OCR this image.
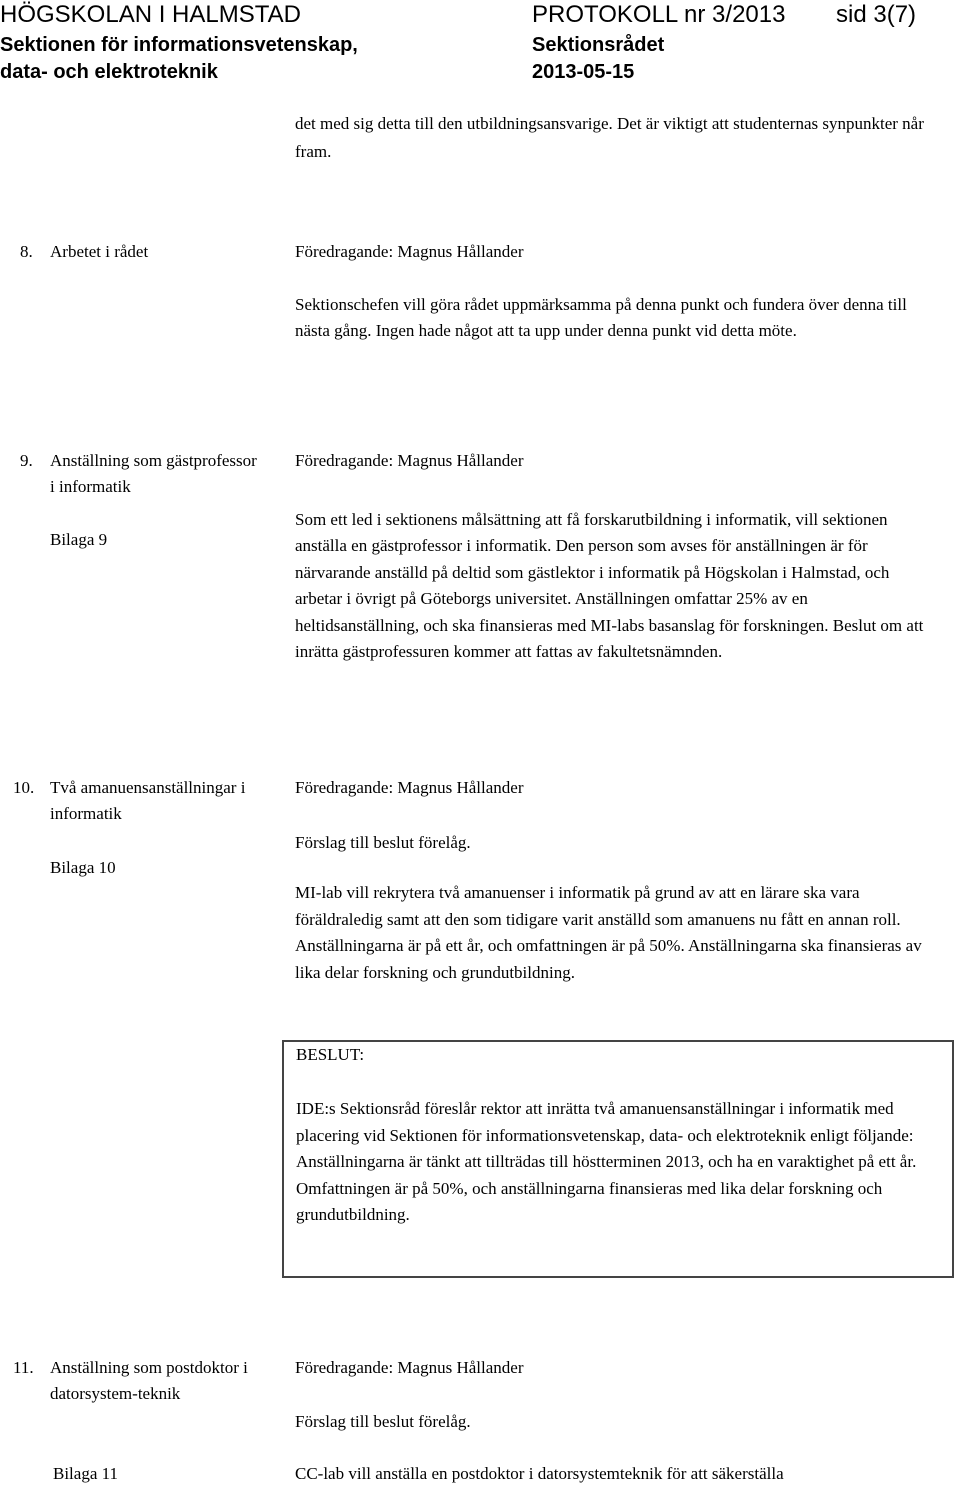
HÖGSKOLAN I HALMSTAD	PROTOKOLL nr 3/2013 sid 3(7)
Sektionen för informationsvetenskap,	Sektionsrådet
data- och elektroteknik	2013-05-15
det med sig detta till den utbildningsansvarige. Det är viktigt att studenternas synpunkter når fram.
8. Arbetet i rådet	Föredragande: Magnus Hållander

Sektionschefen vill göra rådet uppmärksamma på denna punkt och fundera över denna till nästa gång. Ingen hade något att ta upp under denna punkt vid detta möte.

9. Anställning som gästprofessor i informatik
Bilaga 9

Föredragande: Magnus Hållander

Som ett led i sektionens målsättning att få forskarutbildning i informatik, vill sektionen anställa en gästprofessor i informatik. Den person som avses för anställningen är för närvarande anställd på deltid som gästlektor i informatik på Högskolan i Halmstad, och arbetar i övrigt på Göteborgs universitet. Anställningen omfattar 25% av en heltidsanställning, och ska finansieras med MI-labs basanslag för forskningen. Beslut om att inrätta gästprofessuren kommer att fattas av fakultetsnämnden.

10. Två amanuensanställningar i informatik
Bilaga 10

Föredragande: Magnus Hållander

Förslag till beslut förelåg.

MI-lab vill rekrytera två amanuenser i informatik på grund av att en lärare ska vara föräldraledig samt att den som tidigare varit anställd som amanuens nu fått en annan roll. Anställningarna är på ett år, och omfattningen är på 50%. Anställningarna ska finansieras av lika delar forskning och grundutbildning.

BESLUT:

IDE:s Sektionsråd föreslår rektor att inrätta två amanuensanställningar i informatik med placering vid Sektionen för informationsvetenskap, data- och elektroteknik enligt följande:

Anställningarna är tänkt att tillträdas till höstterminen 2013, och ha en varaktighet på ett år. Omfattningen är på 50%, och anställningarna finansieras med lika delar forskning och grundutbildning.

11. Anställning som postdoktor i datorsystem-teknik
Bilaga 11

Föredragande: Magnus Hållander

Förslag till beslut förelåg.

CC-lab vill anställa en postdoktor i datorsystemteknik för att säkerställa
